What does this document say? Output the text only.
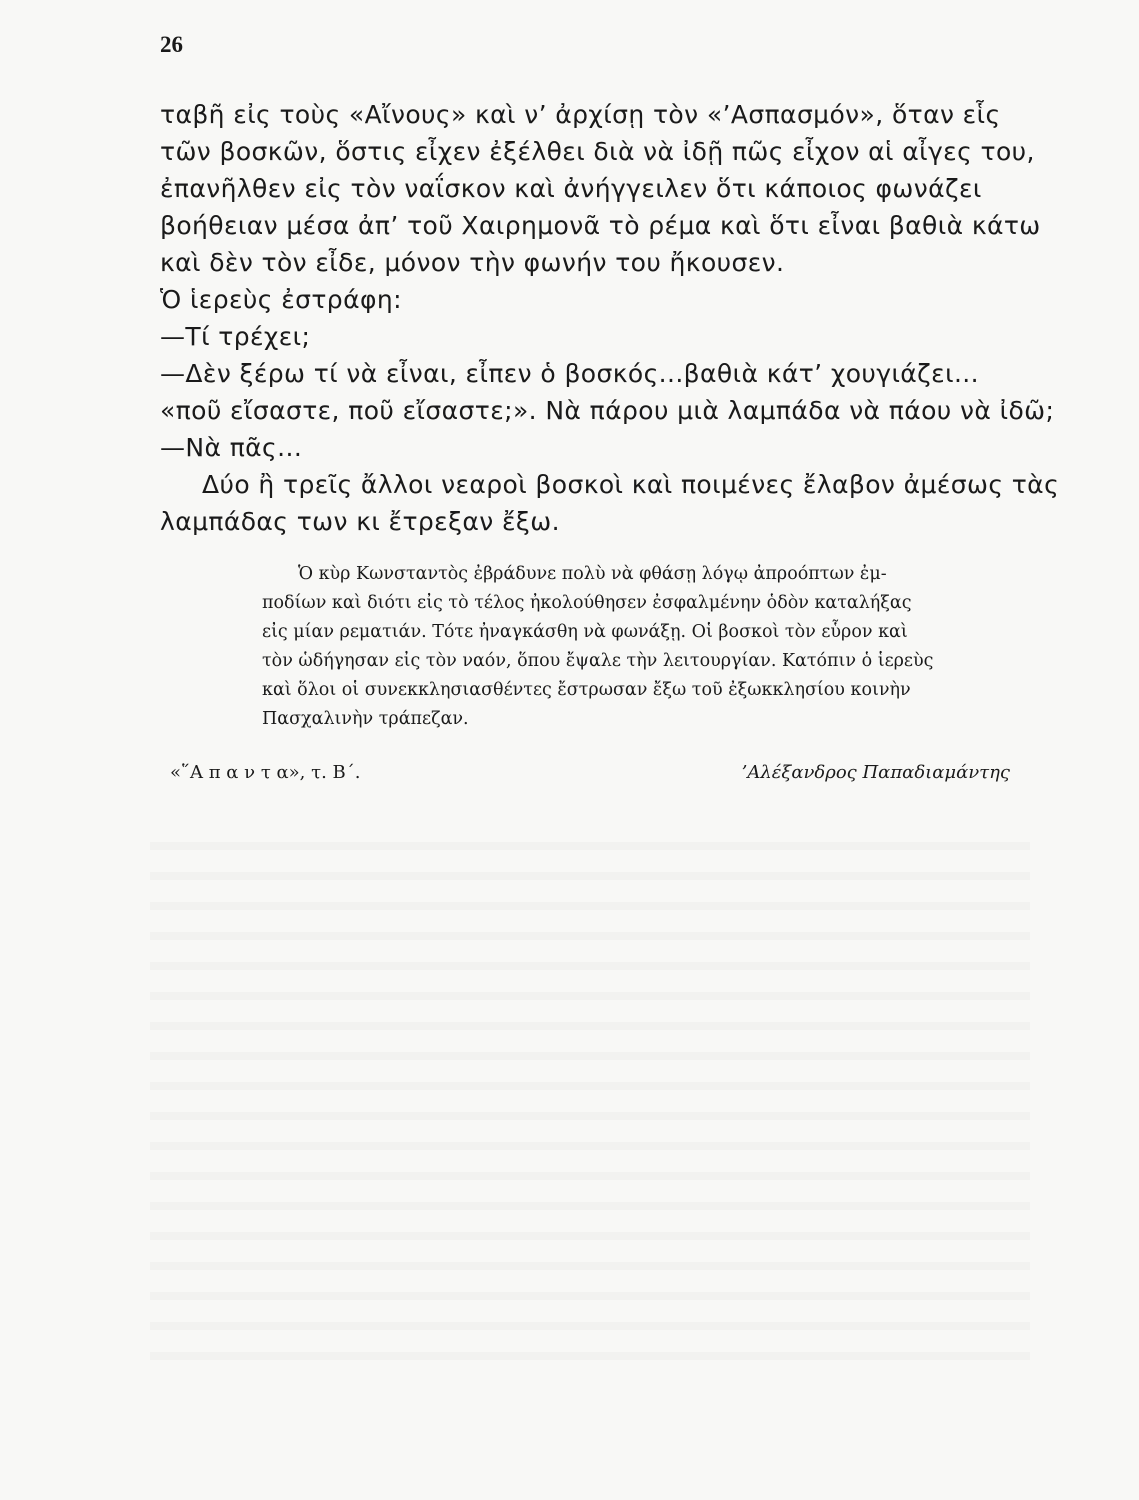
26
ταβῆ εἰς τοὺς «Αἴνους» καὶ ν’ ἀρχίσῃ τὸν «’Ασπασμόν», ὅταν εἷς
τῶν βοσκῶν, ὅστις εἶχεν ἐξέλθει διὰ νὰ ἰδῇ πῶς εἶχον αἱ αἶγες του,
ἐπανῆλθεν εἰς τὸν ναΐσκον καὶ ἀνήγγειλεν ὅτι κάποιος φωνάζει
βοήθειαν μέσα ἀπ’ τοῦ Χαιρημονᾶ τὸ ρέμα καὶ ὅτι εἶναι βαθιὰ κάτω
καὶ δὲν τὸν εἶδε, μόνον τὴν φωνήν του ἤκουσεν.
Ὁ ἱερεὺς ἐστράφη:
—Τί τρέχει;
—Δὲν ξέρω τί νὰ εἶναι, εἶπεν ὁ βοσκός...βαθιὰ κάτ’ χουγιάζει...
«ποῦ εἴσαστε, ποῦ εἴσαστε;». Νὰ πάρου μιὰ λαμπάδα νὰ πάου νὰ ἰδῶ;
—Νὰ πᾶς...
Δύο ἢ τρεῖς ἄλλοι νεαροὶ βοσκοὶ καὶ ποιμένες ἔλαβον ἀμέσως τὰς
λαμπάδας των κι ἔτρεξαν ἔξω.
Ὁ κὺρ Κωνσταντὸς ἐβράδυνε πολὺ νὰ φθάσῃ λόγῳ ἀπροόπτων ἐμ-
ποδίων καὶ διότι εἰς τὸ τέλος ἠκολούθησεν ἐσφαλμένην ὁδὸν καταλήξας
εἰς μίαν ρεματιάν. Τότε ἠναγκάσθη νὰ φωνάξῃ. Οἱ βοσκοὶ τὸν εὗρον καὶ
τὸν ὡδήγησαν εἰς τὸν ναόν, ὅπου ἔψαλε τὴν λειτουργίαν. Κατόπιν ὁ ἱερεὺς
καὶ ὅλοι οἱ συνεκκλησιασθέντες ἔστρωσαν ἔξω τοῦ ἐξωκκλησίου κοινὴν
Πασχαλινὴν τράπεζαν.
«῞Α π α ν τ α», τ. Β΄.	’Αλέξανδρος Παπαδιαμάντης
